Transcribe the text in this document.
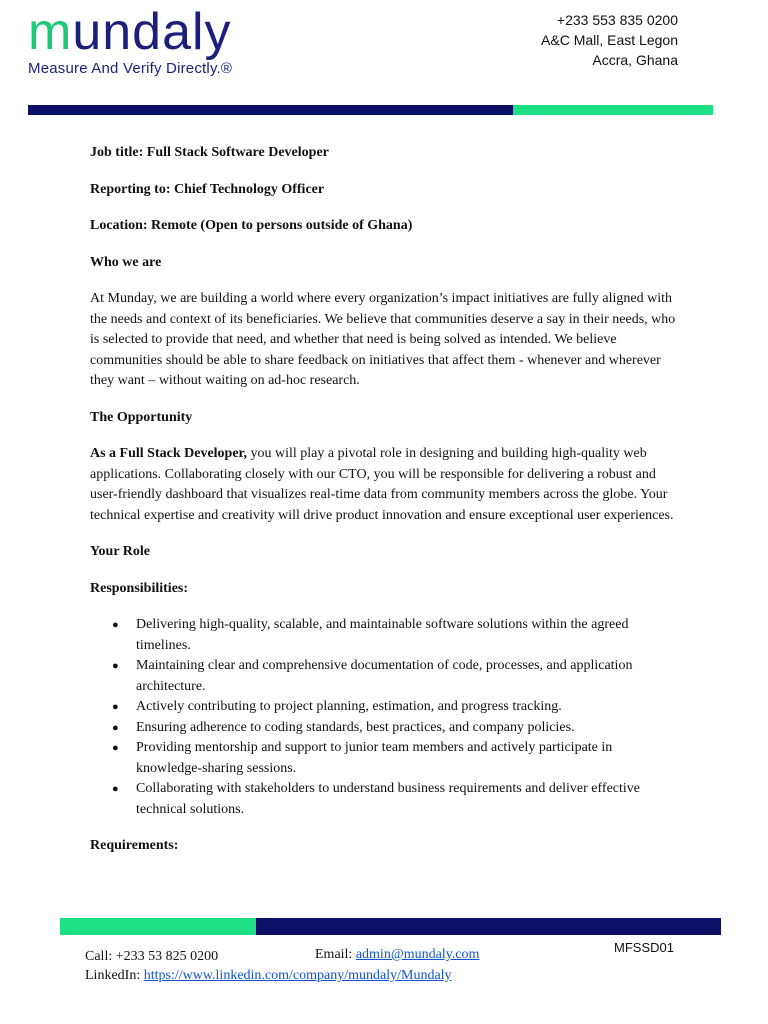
mundaly
Measure And Verify Directly.®
+233 553 835 0200
A&C Mall, East Legon
Accra, Ghana

Job title: Full Stack Software Developer

Reporting to: Chief Technology Officer

Location: Remote (Open to persons outside of Ghana)

Who we are

At Munday, we are building a world where every organization’s impact initiatives are fully aligned with the needs and context of its beneficiaries. We believe that communities deserve a say in their needs, who is selected to provide that need, and whether that need is being solved as intended. We believe communities should be able to share feedback on initiatives that affect them - whenever and wherever they want – without waiting on ad-hoc research.

The Opportunity

As a Full Stack Developer, you will play a pivotal role in designing and building high-quality web applications. Collaborating closely with our CTO, you will be responsible for delivering a robust and user-friendly dashboard that visualizes real-time data from community members across the globe. Your technical expertise and creativity will drive product innovation and ensure exceptional user experiences.

Your Role

Responsibilities:

● Delivering high-quality, scalable, and maintainable software solutions within the agreed timelines.
● Maintaining clear and comprehensive documentation of code, processes, and application architecture.
● Actively contributing to project planning, estimation, and progress tracking.
● Ensuring adherence to coding standards, best practices, and company policies.
● Providing mentorship and support to junior team members and actively participate in knowledge-sharing sessions.
● Collaborating with stakeholders to understand business requirements and deliver effective technical solutions.

Requirements:

Call: +233 53 825 0200
LinkedIn: https://www.linkedin.com/company/mundaly/Mundaly
Email: admin@mundaly.com	MFSSD01
